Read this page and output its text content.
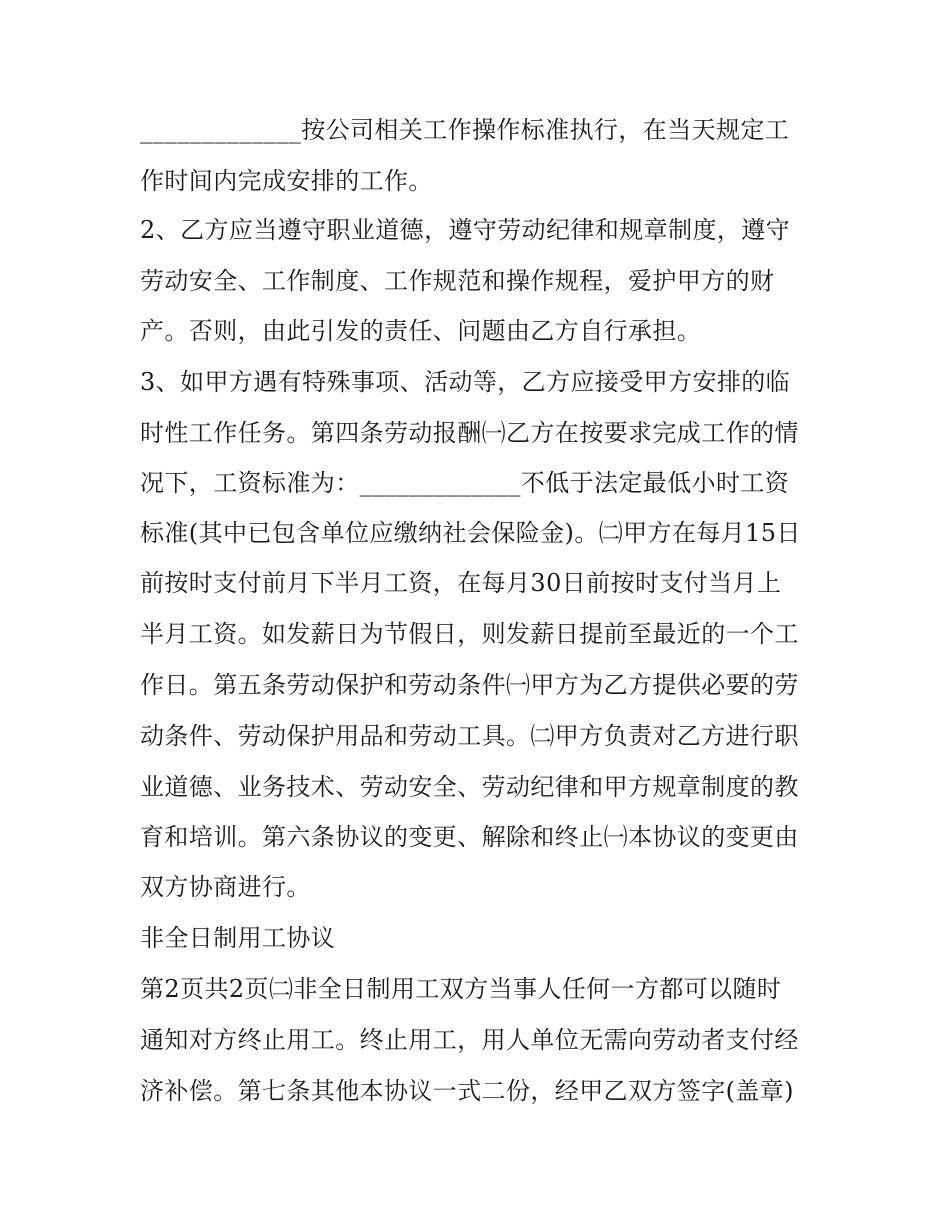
_____________按公司相关工作操作标准执行，在当天规定工
作时间内完成安排的工作。
2、乙方应当遵守职业道德，遵守劳动纪律和规章制度，遵守
劳动安全、工作制度、工作规范和操作规程，爱护甲方的财
产。否则，由此引发的责任、问题由乙方自行承担。
3、如甲方遇有特殊事项、活动等，乙方应接受甲方安排的临
时性工作任务。第四条劳动报酬㈠乙方在按要求完成工作的情
况下，工资标准为：_____________不低于法定最低小时工资
标准(其中已包含单位应缴纳社会保险金)。㈡甲方在每月15日
前按时支付前月下半月工资，在每月30日前按时支付当月上
半月工资。如发薪日为节假日，则发薪日提前至最近的一个工
作日。第五条劳动保护和劳动条件㈠甲方为乙方提供必要的劳
动条件、劳动保护用品和劳动工具。㈡甲方负责对乙方进行职
业道德、业务技术、劳动安全、劳动纪律和甲方规章制度的教
育和培训。第六条协议的变更、解除和终止㈠本协议的变更由
双方协商进行。
非全日制用工协议
第2页共2页㈡非全日制用工双方当事人任何一方都可以随时
通知对方终止用工。终止用工，用人单位无需向劳动者支付经
济补偿。第七条其他本协议一式二份，经甲乙双方签字(盖章)
